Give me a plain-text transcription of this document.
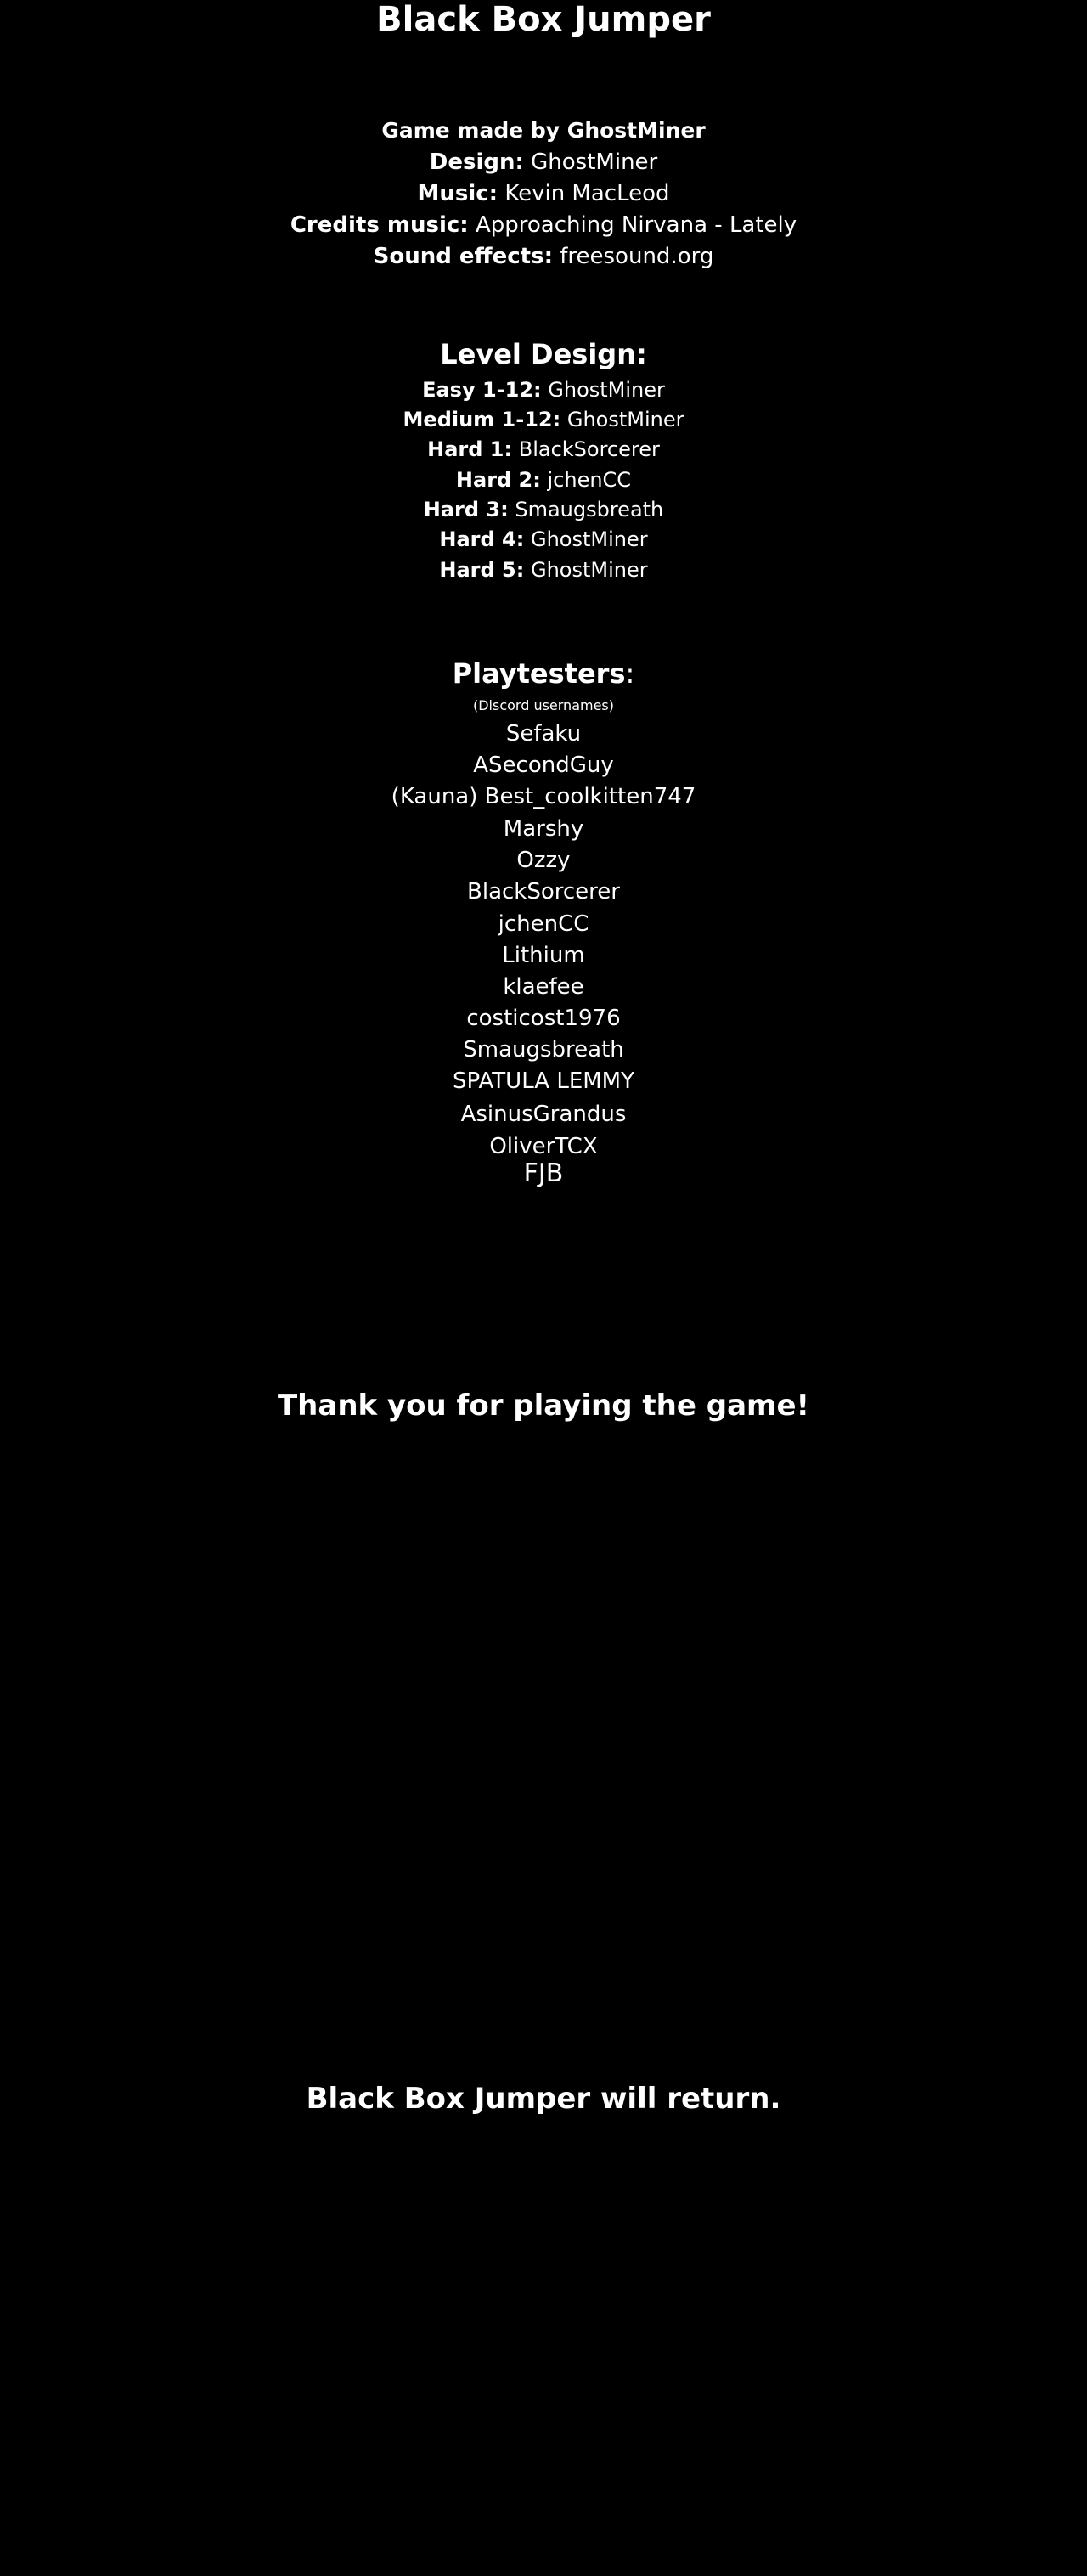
Black Box Jumper
Game made by GhostMiner
Design: GhostMiner
Music: Kevin MacLeod
Credits music: Approaching Nirvana - Lately
Sound effects: freesound.org
Level Design:
Easy 1-12: GhostMiner
Medium 1-12: GhostMiner
Hard 1: BlackSorcerer
Hard 2: jchenCC
Hard 3: Smaugsbreath
Hard 4: GhostMiner
Hard 5: GhostMiner
Playtesters:
(Discord usernames)
Sefaku
ASecondGuy
(Kauna) Best_coolkitten747
Marshy
Ozzy
BlackSorcerer
jchenCC
Lithium
klaefee
costicost1976
Smaugsbreath
SPATULA LEMMY
AsinusGrandus
OliverTCX
FJB
Thank you for playing the game!
Black Box Jumper will return.
